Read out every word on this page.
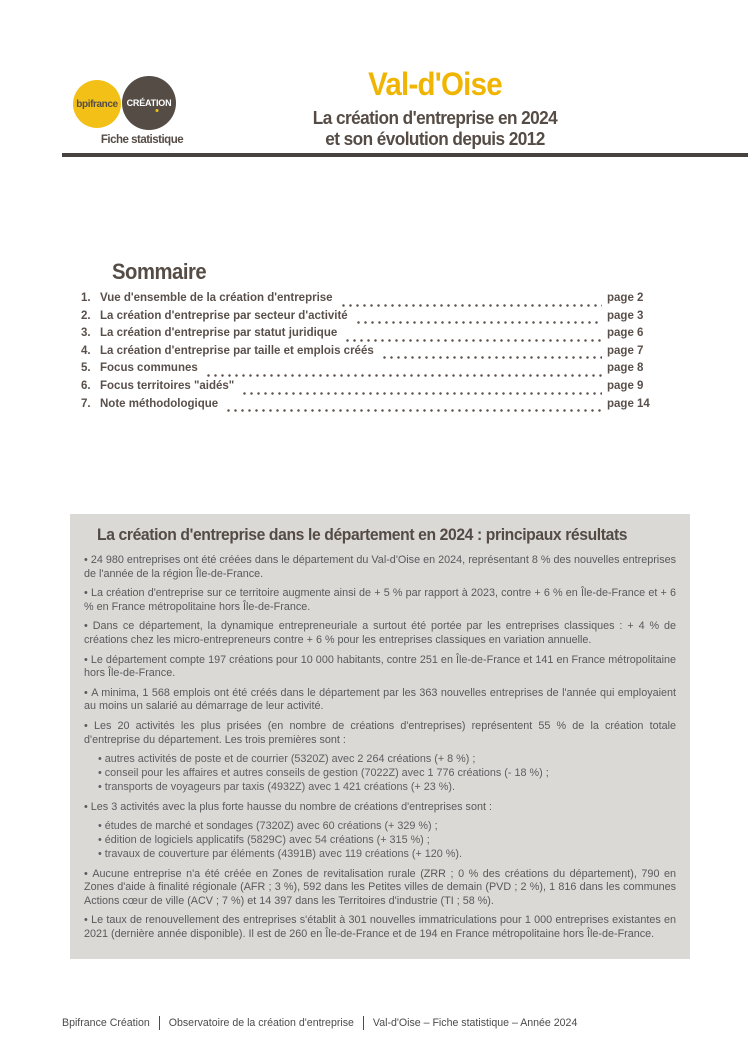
bpifrance CRÉATION
Fiche statistique
Val-d'Oise
La création d'entreprise en 2024
et son évolution depuis 2012
Sommaire
1. Vue d'ensemble de la création d'entreprise	page 2
2. La création d'entreprise par secteur d'activité	page 3
3. La création d'entreprise par statut juridique	page 6
4. La création d'entreprise par taille et emplois créés	page 7
5. Focus communes	page 8
6. Focus territoires "aidés"	page 9
7. Note méthodologique	page 14
La création d'entreprise dans le département en 2024 : principaux résultats

• 24 980 entreprises ont été créées dans le département du Val-d'Oise en 2024, représentant 8 % des nouvelles entreprises de l'année de la région Île-de-France.

• La création d'entreprise sur ce territoire augmente ainsi de + 5 % par rapport à 2023, contre + 6 % en Île-de-France et + 6 % en France métropolitaine hors Île-de-France.

• Dans ce département, la dynamique entrepreneuriale a surtout été portée par les entreprises classiques : + 4 % de créations chez les micro-entrepreneurs contre + 6 % pour les entreprises classiques en variation annuelle.

• Le département compte 197 créations pour 10 000 habitants, contre 251 en Île-de-France et 141 en France métropolitaine hors Île-de-France.

• A minima, 1 568 emplois ont été créés dans le département par les 363 nouvelles entreprises de l'année qui employaient au moins un salarié au démarrage de leur activité.

• Les 20 activités les plus prisées (en nombre de créations d'entreprises) représentent 55 % de la création totale d'entreprise du département. Les trois premières sont :

• autres activités de poste et de courrier (5320Z) avec 2 264 créations (+ 8 %) ;

• conseil pour les affaires et autres conseils de gestion (7022Z) avec 1 776 créations (- 18 %) ;

• transports de voyageurs par taxis (4932Z) avec 1 421 créations (+ 23 %).

• Les 3 activités avec la plus forte hausse du nombre de créations d'entreprises sont :

• études de marché et sondages (7320Z) avec 60 créations (+ 329 %) ;

• édition de logiciels applicatifs (5829C) avec 54 créations (+ 315 %) ;

• travaux de couverture par éléments (4391B) avec 119 créations (+ 120 %).

• Aucune entreprise n'a été créée en Zones de revitalisation rurale (ZRR ; 0 % des créations du département), 790 en Zones d'aide à finalité régionale (AFR ; 3 %), 592 dans les Petites villes de demain (PVD ; 2 %), 1 816 dans les communes Actions cœur de ville (ACV ; 7 %) et 14 397 dans les Territoires d'industrie (TI ; 58 %).

• Le taux de renouvellement des entreprises s'établit à 301 nouvelles immatriculations pour 1 000 entreprises existantes en 2021 (dernière année disponible). Il est de 260 en Île-de-France et de 194 en France métropolitaine hors Île-de-France.

Bpifrance Création Observatoire de la création d'entreprise Val-d'Oise – Fiche statistique – Année 2024
